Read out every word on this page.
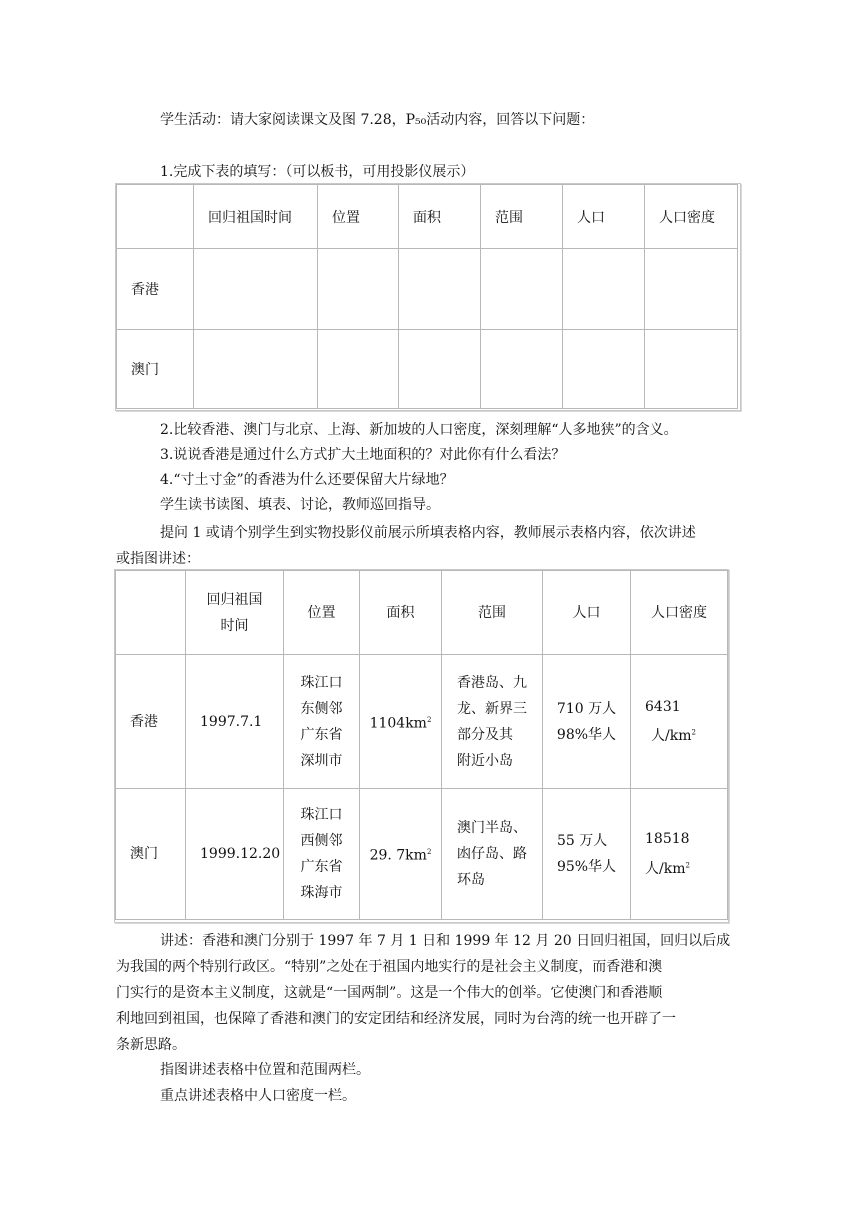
学生活动：请大家阅读课文及图 7.28，P₅₀活动内容，回答以下问题：
1.完成下表的填写：（可以板书，可用投影仪展示）
	回归祖国时间	位置	面积	范围	人口	人口密度
香港						
澳门						
2.比较香港、澳门与北京、上海、新加坡的人口密度，深刻理解“人多地狭”的含义。
3.说说香港是通过什么方式扩大土地面积的？对此你有什么看法？
4.“寸土寸金”的香港为什么还要保留大片绿地？
学生读书读图、填表、讨论，教师巡回指导。
提问 1 或请个别学生到实物投影仪前展示所填表格内容，教师展示表格内容，依次讲述
或指图讲述：
	回归祖国
时间	位置	面积	范围	人口	人口密度
香港	1997.7.1	珠江口
东侧邻
广东省
深圳市	$1104km^2$	香港岛、九
龙、新界三
部分及其
附近小岛	710 万人
98%华人	6431
人$/km^2$
澳门	1999.12.20	珠江口
西侧邻
广东省
珠海市	29. $7km^2$	澳门半岛、
凼仔岛、路
环岛	55 万人
95%华人	18518
人$/km^2$
讲述：香港和澳门分别于 1997 年 7 月 1 日和 1999 年 12 月 20 日回归祖国，回归以后成
为我国的两个特别行政区。“特别”之处在于祖国内地实行的是社会主义制度，而香港和澳
门实行的是资本主义制度，这就是“一国两制”。这是一个伟大的创举。它使澳门和香港顺
利地回到祖国，也保障了香港和澳门的安定团结和经济发展，同时为台湾的统一也开辟了一
条新思路。
指图讲述表格中位置和范围两栏。
重点讲述表格中人口密度一栏。
